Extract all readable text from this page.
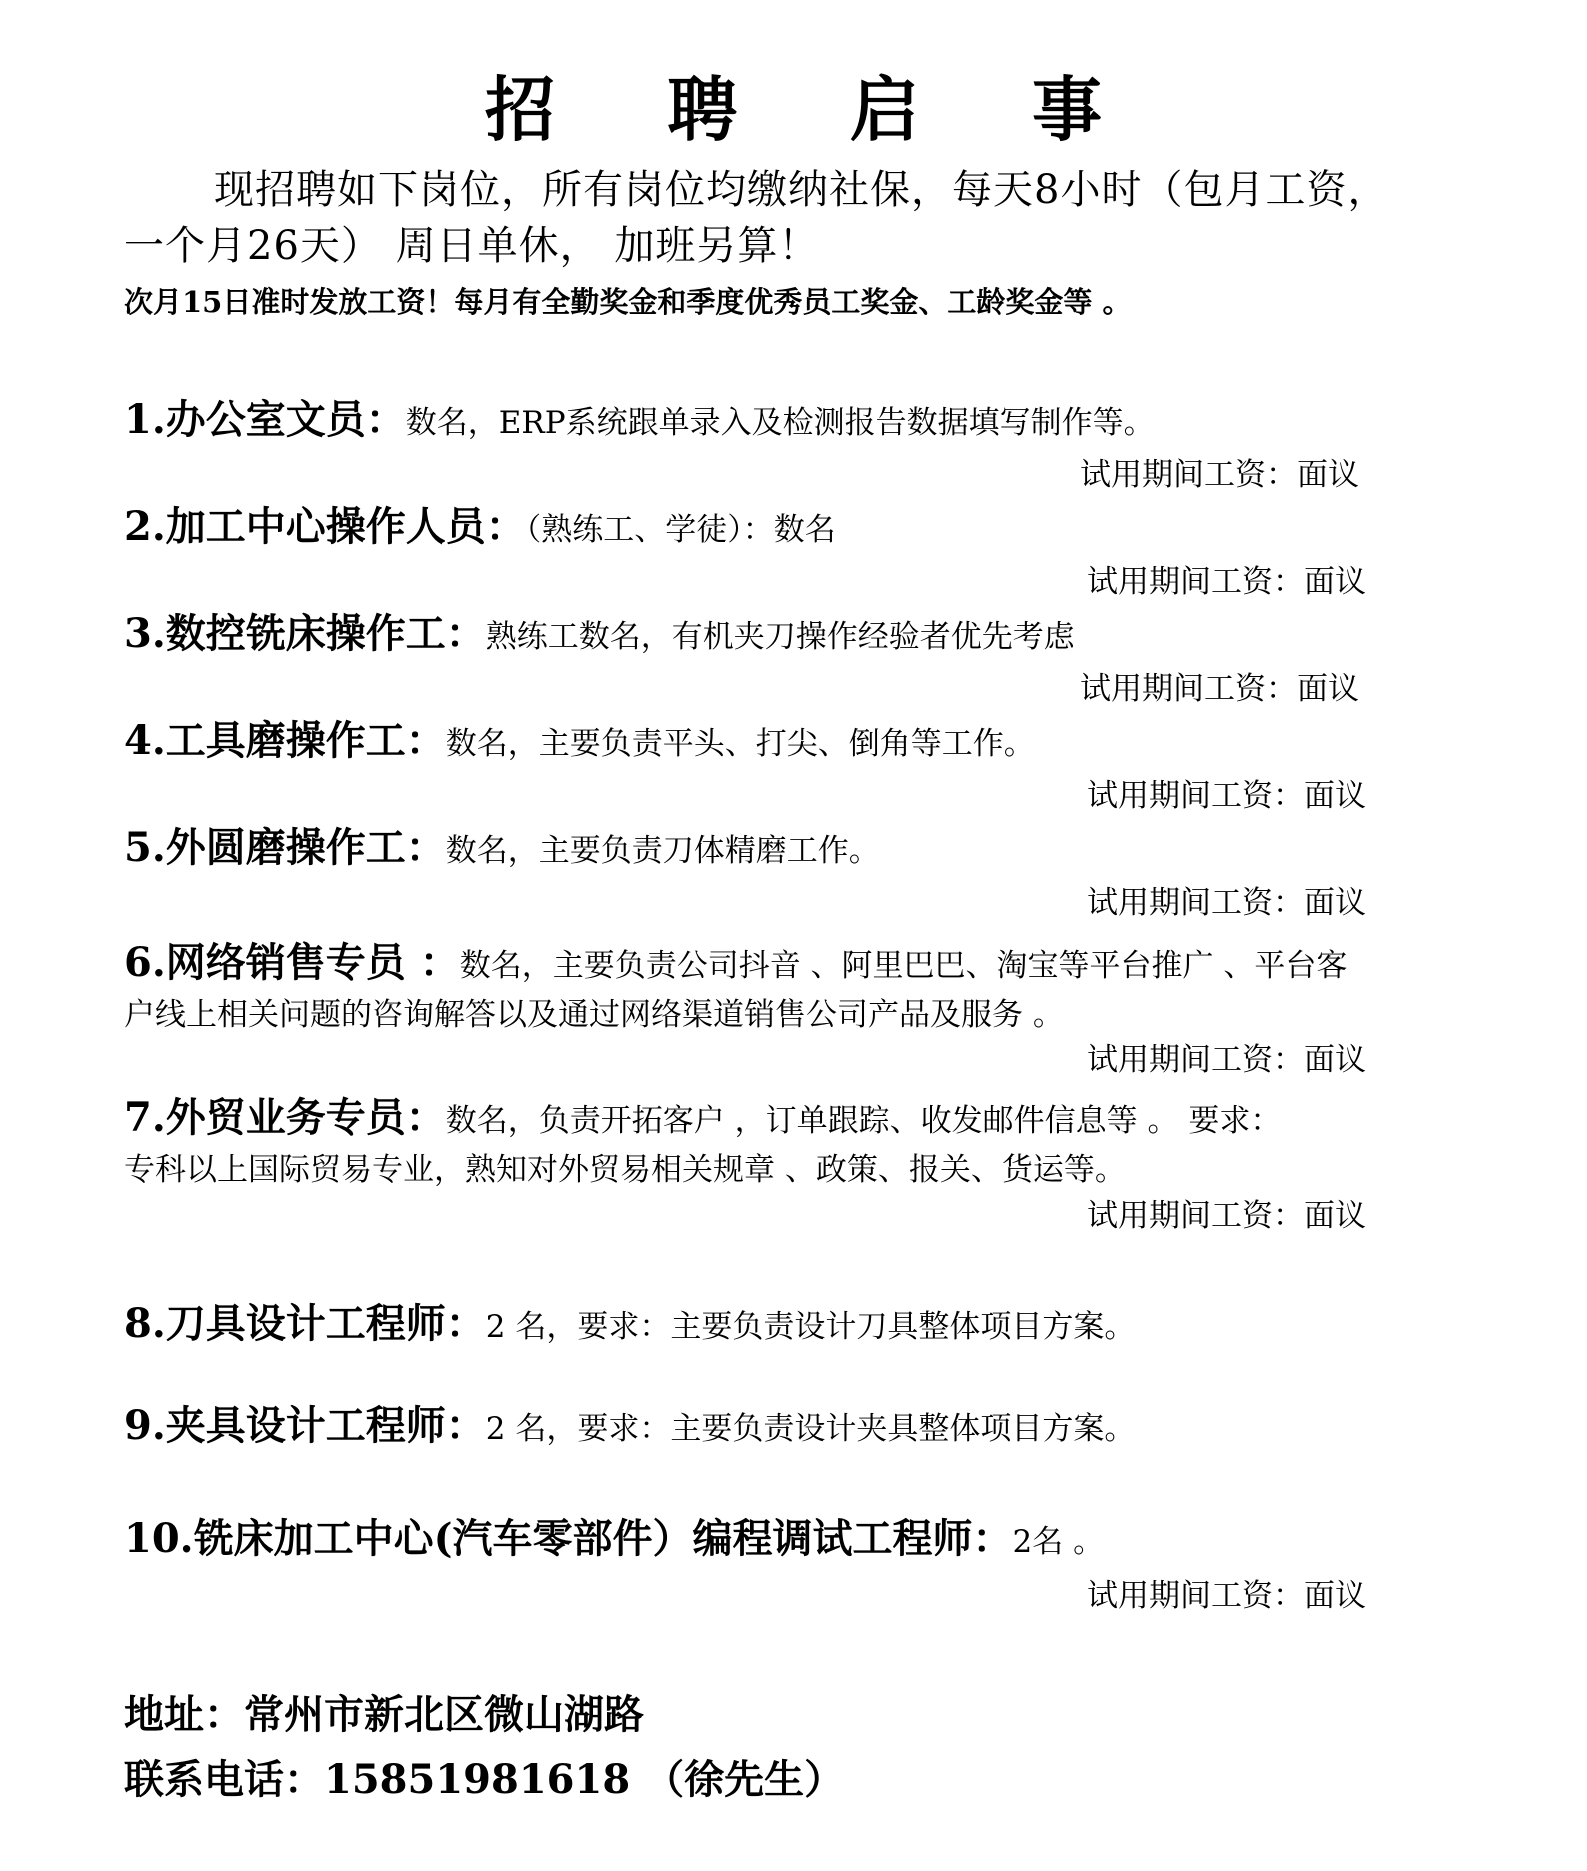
招 聘 启 事
现招聘如下岗位，所有岗位均缴纳社保，每天8小时（包月工资，一个月26天） 周日单休， 加班另算！
次月15日准时发放工资！每月有全勤奖金和季度优秀员工奖金、工龄奖金等 。
1.办公室文员：数名，ERP系统跟单录入及检测报告数据填写制作等。
试用期间工资：面议
2.加工中心操作人员：（熟练工、学徒）：数名
试用期间工资：面议
3.数控铣床操作工：熟练工数名，有机夹刀操作经验者优先考虑
试用期间工资：面议
4.工具磨操作工：数名，主要负责平头、打尖、倒角等工作。
试用期间工资：面议
5.外圆磨操作工：数名，主要负责刀体精磨工作。
试用期间工资：面议
6.网络销售专员 ：数名，主要负责公司抖音 、阿里巴巴、淘宝等平台推广 、平台客
户线上相关问题的咨询解答以及通过网络渠道销售公司产品及服务 。
试用期间工资：面议
7.外贸业务专员：数名，负责开拓客户 ，订单跟踪、收发邮件信息等 。 要求：
专科以上国际贸易专业，熟知对外贸易相关规章 、政策、报关、货运等。
试用期间工资：面议
8.刀具设计工程师：2 名，要求：主要负责设计刀具整体项目方案。
9.夹具设计工程师：2 名，要求：主要负责设计夹具整体项目方案。
10.铣床加工中心(汽车零部件）编程调试工程师：2名 。
试用期间工资：面议
地址：常州市新北区微山湖路
联系电话：15851981618 （徐先生）
